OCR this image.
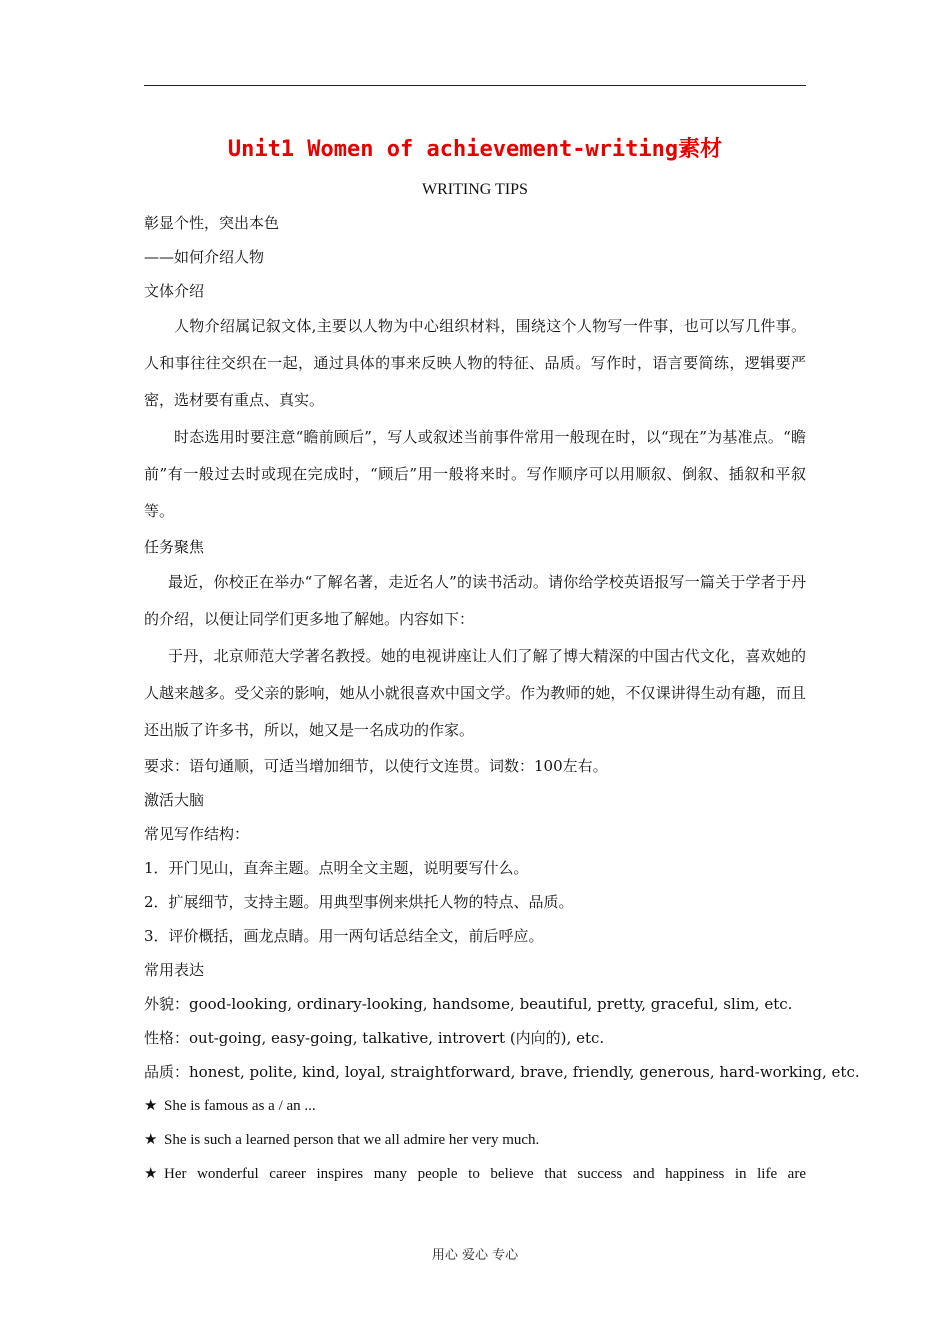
Unit1 Women of achievement-writing素材

WRITING TIPS

彰显个性，突出本色

——如何介绍人物

文体介绍

人物介绍属记叙文体,主要以人物为中心组织材料，围绕这个人物写一件事，也可以写几件事。人和事往往交织在一起，通过具体的事来反映人物的特征、品质。写作时，语言要简练，逻辑要严密，选材要有重点、真实。

时态选用时要注意“瞻前顾后”，写人或叙述当前事件常用一般现在时，以“现在”为基准点。“瞻前”有一般过去时或现在完成时，“顾后”用一般将来时。写作顺序可以用顺叙、倒叙、插叙和平叙等。

任务聚焦

最近，你校正在举办“了解名著，走近名人”的读书活动。请你给学校英语报写一篇关于学者于丹的介绍，以便让同学们更多地了解她。内容如下：

于丹，北京师范大学著名教授。她的电视讲座让人们了解了博大精深的中国古代文化，喜欢她的人越来越多。受父亲的影响，她从小就很喜欢中国文学。作为教师的她，不仅课讲得生动有趣，而且还出版了许多书，所以，她又是一名成功的作家。

要求：语句通顺，可适当增加细节，以使行文连贯。词数：100左右。

激活大脑

常见写作结构：

1．开门见山，直奔主题。点明全文主题，说明要写什么。

2．扩展细节，支持主题。用典型事例来烘托人物的特点、品质。

3．评价概括，画龙点睛。用一两句话总结全文，前后呼应。

常用表达

外貌：good-looking, ordinary-looking, handsome, beautiful, pretty, graceful, slim, etc.

性格：out-going, easy-going, talkative, introvert (内向的), etc.

品质：honest, polite, kind, loyal, straightforward, brave, friendly, generous, hard-working, etc.

★ She is famous as a / an ...

★ She is such a learned person that we all admire her very much.

★ Her wonderful career inspires many people to believe that success and happiness in life are

用心 爱心 专心
